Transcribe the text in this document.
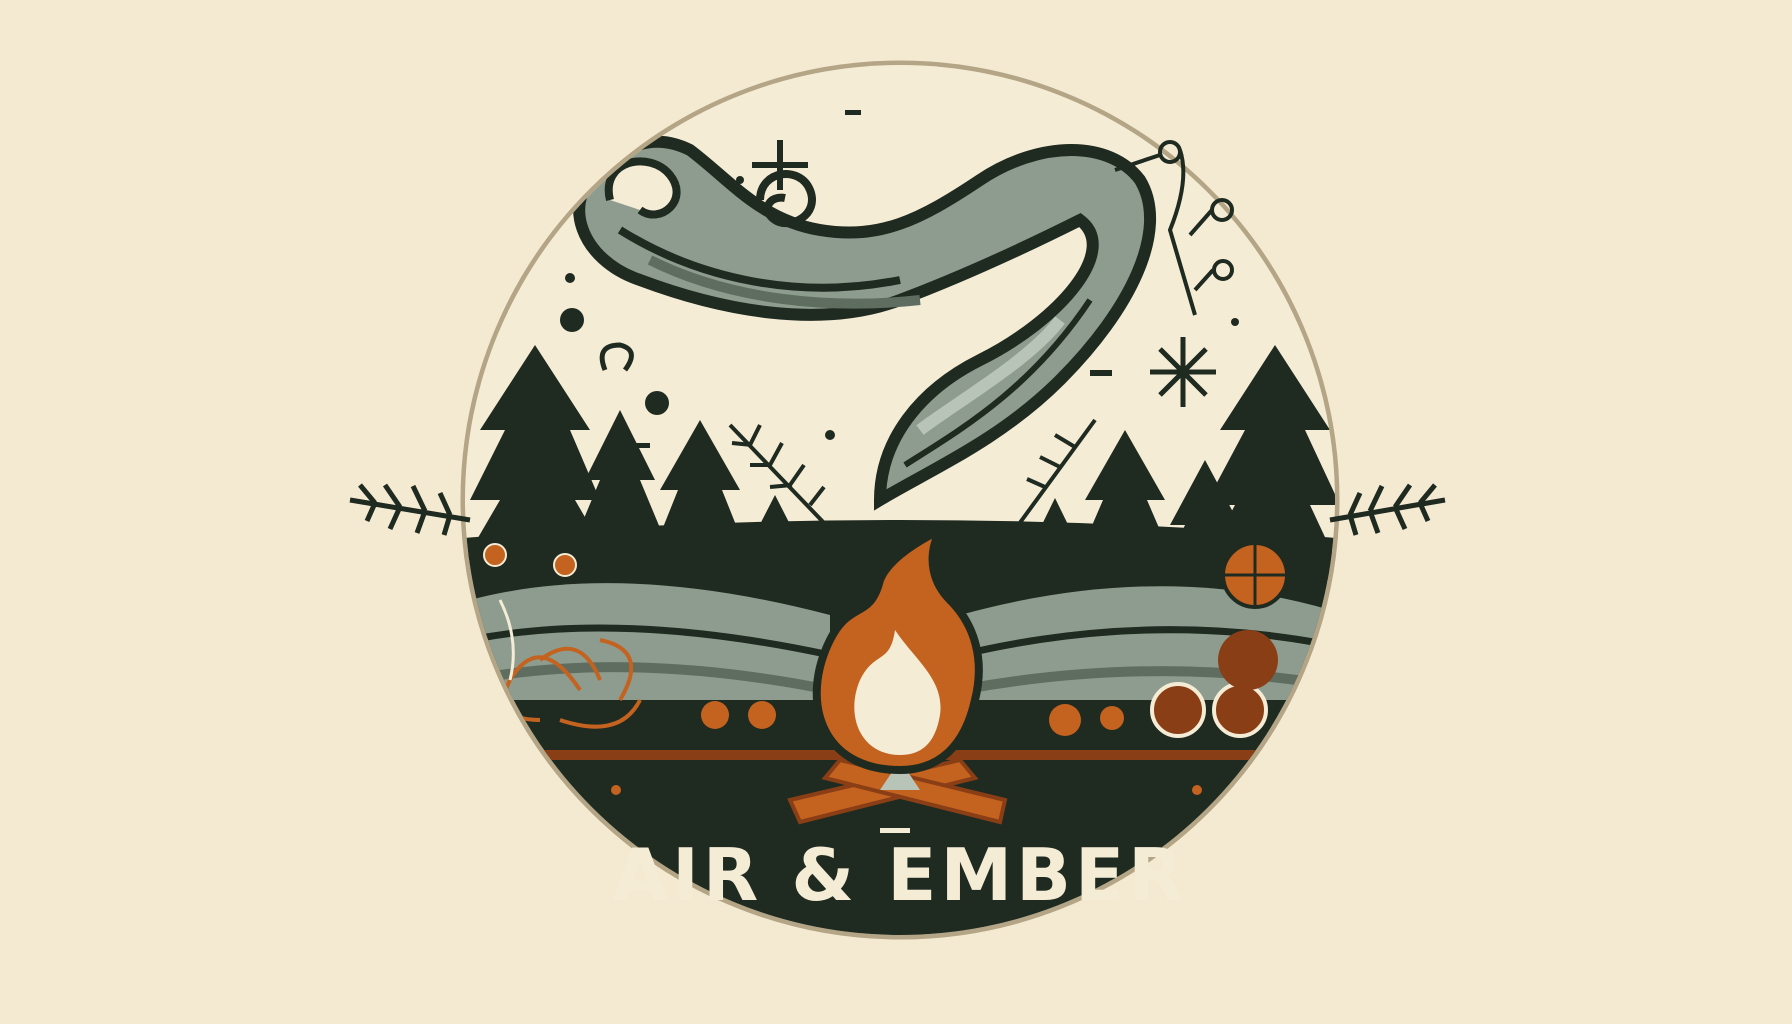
AIR & EMBER
